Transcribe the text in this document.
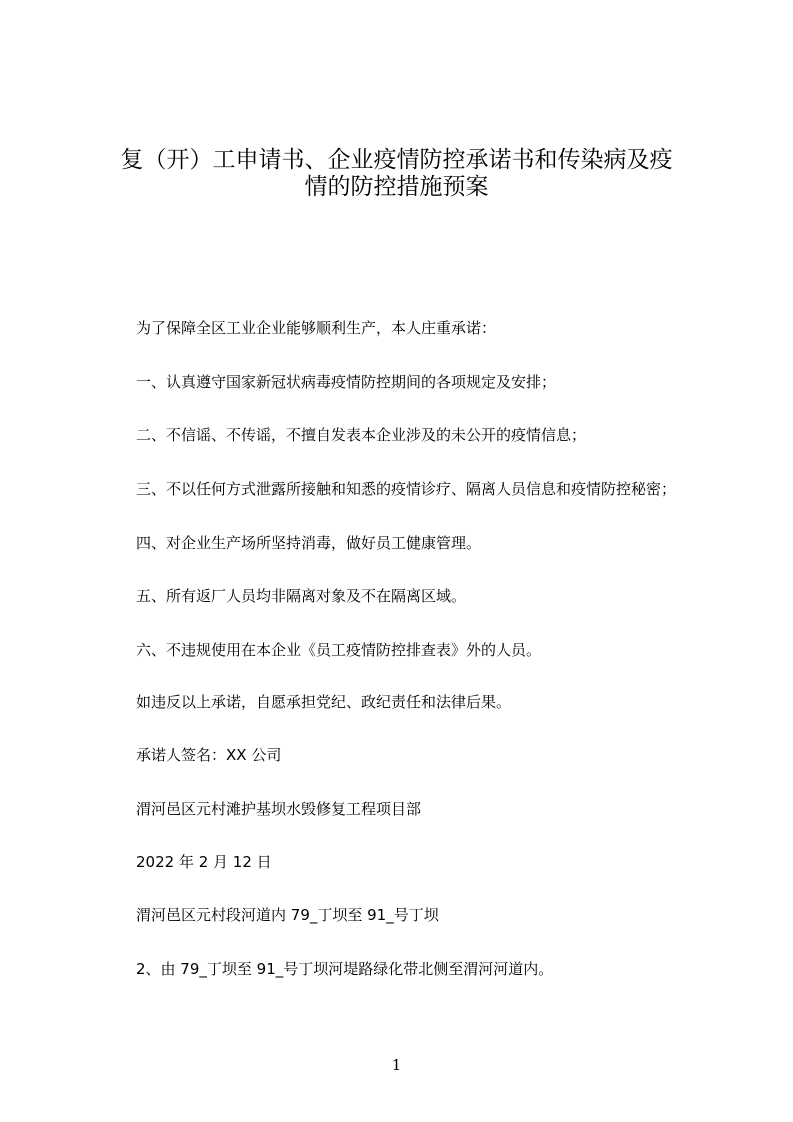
复（开）工申请书、企业疫情防控承诺书和传染病及疫
情的防控措施预案
为了保障全区工业企业能够顺利生产，本人庄重承诺：
一、认真遵守国家新冠状病毒疫情防控期间的各项规定及安排；
二、不信谣、不传谣，不擅自发表本企业涉及的未公开的疫情信息；
三、不以任何方式泄露所接触和知悉的疫情诊疗、隔离人员信息和疫情防控秘密；
四、对企业生产场所坚持消毒，做好员工健康管理。
五、所有返厂人员均非隔离对象及不在隔离区域。
六、不违规使用在本企业《员工疫情防控排查表》外的人员。
如违反以上承诺，自愿承担党纪、政纪责任和法律后果。
承诺人签名：XX 公司
渭河邑区元村滩护基坝水毁修复工程项目部
2022 年 2 月 12 日
渭河邑区元村段河道内 79_丁坝至 91_号丁坝
2、由 79_丁坝至 91_号丁坝河堤路绿化带北侧至渭河河道内。
1
